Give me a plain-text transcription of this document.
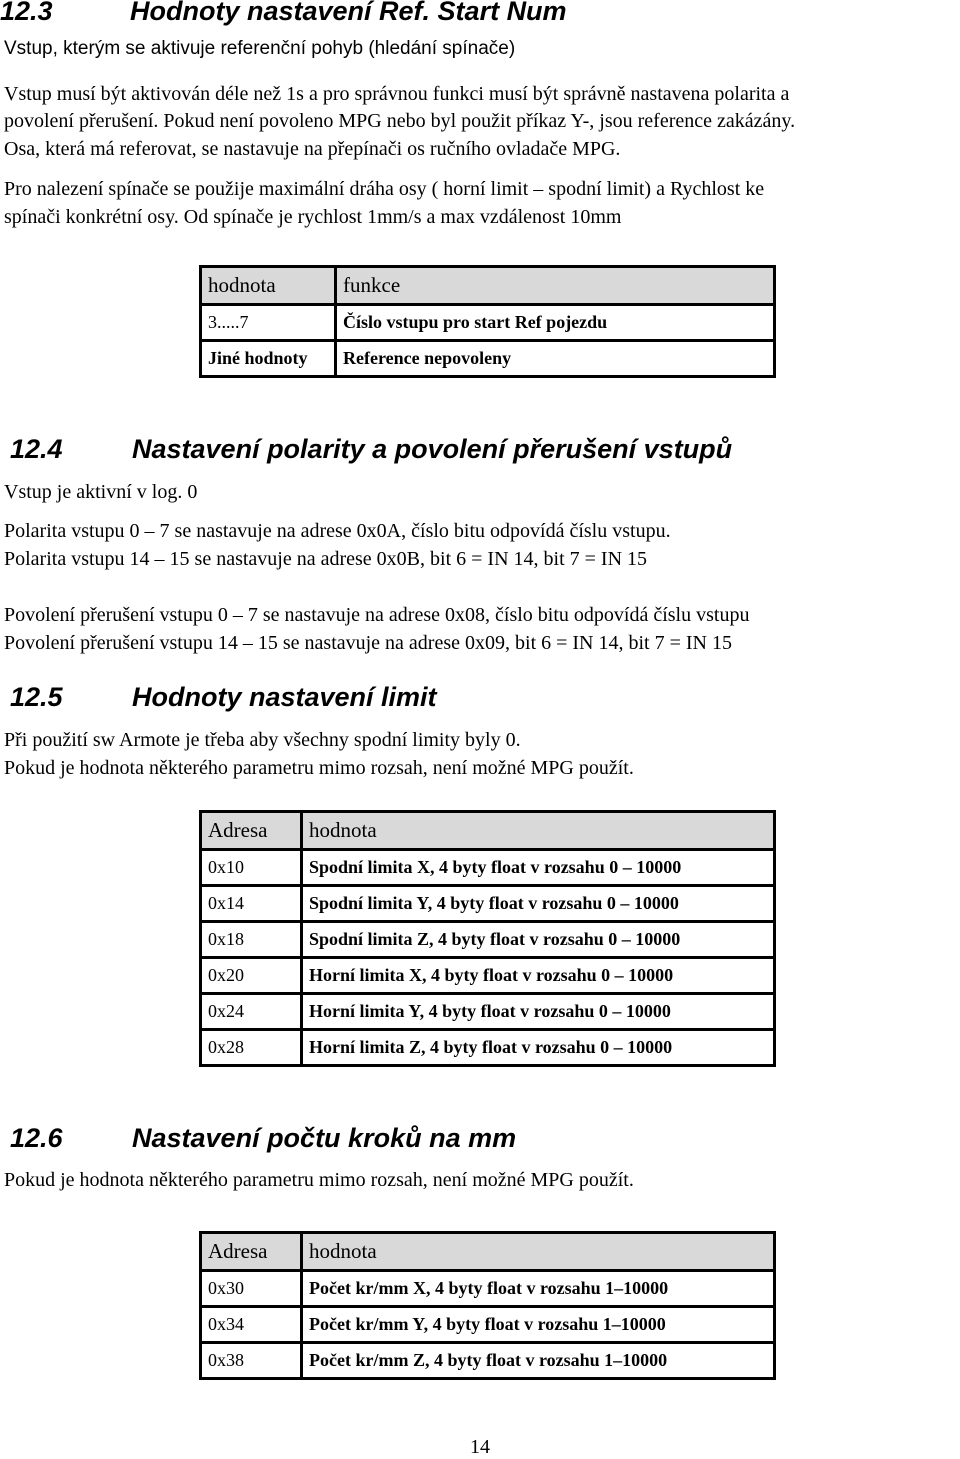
12.3	Hodnoty nastavení Ref. Start Num
Vstup, kterým se aktivuje referenční pohyb (hledání spínače)
Vstup musí být aktivován déle než 1s a pro správnou funkci musí být správně nastavena polarita a
povolení přerušení. Pokud není povoleno MPG nebo byl použit příkaz Y-, jsou reference zakázány.
Osa, která má referovat, se nastavuje na přepínači os ručního ovladače MPG.
Pro nalezení spínače se použije maximální dráha osy ( horní limit – spodní limit) a Rychlost ke
spínači konkrétní osy. Od spínače je rychlost 1mm/s a max vzdálenost 10mm
hodnota	funkce
3.....7	Číslo vstupu pro start Ref pojezdu
Jiné hodnoty	Reference nepovoleny
12.4	Nastavení polarity a povolení přerušení vstupů
Vstup je aktivní v log. 0
Polarita vstupu 0 – 7 se nastavuje na adrese 0x0A, číslo bitu odpovídá číslu vstupu.
Polarita vstupu 14 – 15 se nastavuje na adrese 0x0B, bit 6 = IN 14, bit 7 = IN 15
Povolení přerušení vstupu 0 – 7 se nastavuje na adrese 0x08, číslo bitu odpovídá číslu vstupu
Povolení přerušení vstupu 14 – 15 se nastavuje na adrese 0x09, bit 6 = IN 14, bit 7 = IN 15
12.5	Hodnoty nastavení limit
Při použití sw Armote je třeba aby všechny spodní limity byly 0.
Pokud je hodnota některého parametru mimo rozsah, není možné MPG použít.
Adresa	hodnota
0x10	Spodní limita X, 4 byty float v rozsahu 0 – 10000
0x14	Spodní limita Y, 4 byty float v rozsahu 0 – 10000
0x18	Spodní limita Z, 4 byty float v rozsahu 0 – 10000
0x20	Horní limita X, 4 byty float v rozsahu 0 – 10000
0x24	Horní limita Y, 4 byty float v rozsahu 0 – 10000
0x28	Horní limita Z, 4 byty float v rozsahu 0 – 10000
12.6	Nastavení počtu kroků na mm
Pokud je hodnota některého parametru mimo rozsah, není možné MPG použít.
Adresa	hodnota
0x30	Počet kr/mm X, 4 byty float v rozsahu 1–10000
0x34	Počet kr/mm Y, 4 byty float v rozsahu 1–10000
0x38	Počet kr/mm Z, 4 byty float v rozsahu 1–10000
14
